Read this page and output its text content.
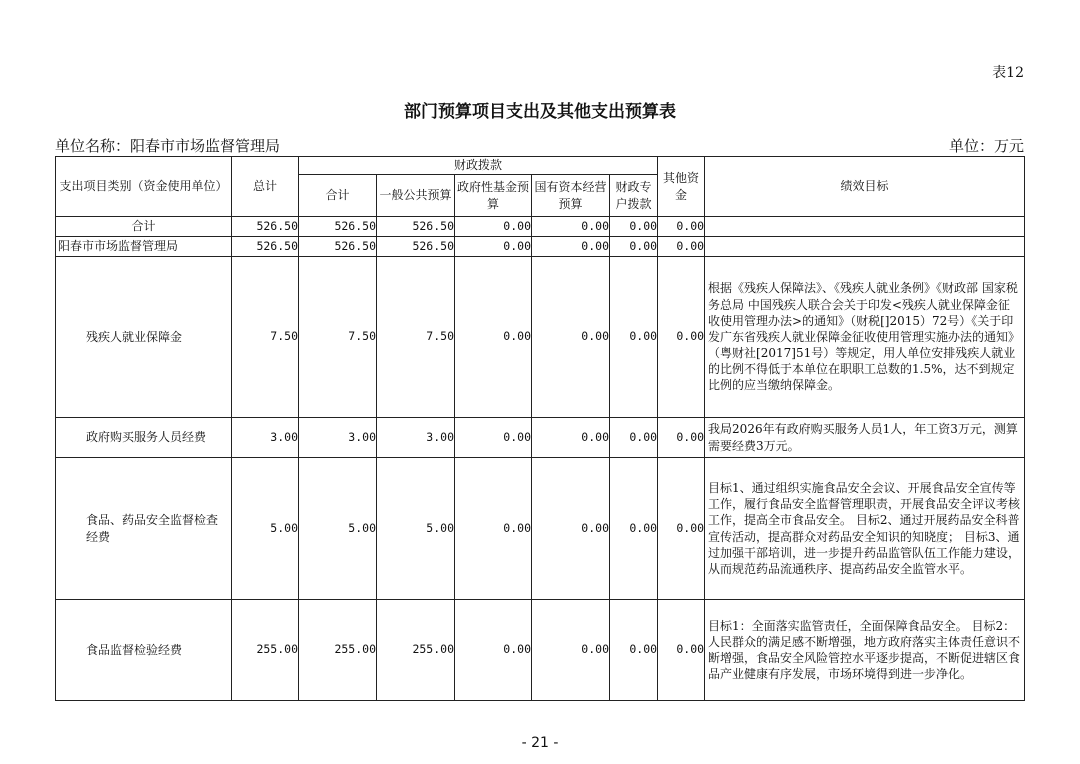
表12
部门预算项目支出及其他支出预算表
单位名称：阳春市市场监督管理局	单位：万元
支出项目类别（资金使用单位）	总计	财政拨款					其他资金	绩效目标
		合计	一般公共预算	政府性基金预算	国有资本经营预算	财政专户拨款		
合计	526.50	526.50	526.50	0.00	0.00	0.00	0.00	
阳春市市场监督管理局	526.50	526.50	526.50	0.00	0.00	0.00	0.00	
残疾人就业保障金	7.50	7.50	7.50	0.00	0.00	0.00	0.00	根据《残疾人保障法》、《残疾人就业条例》《财政部 国家税务总局 中国残疾人联合会关于印发<残疾人就业保障金征收使用管理办法>的通知》（财税[]2015）72号）《关于印发广东省残疾人就业保障金征收使用管理实施办法的通知》（粤财社[2017]51号）等规定，用人单位安排残疾人就业的比例不得低于本单位在职职工总数的1.5%，达不到规定比例的应当缴纳保障金。
政府购买服务人员经费	3.00	3.00	3.00	0.00	0.00	0.00	0.00	我局2026年有政府购买服务人员1人，年工资3万元，测算需要经费3万元。
食品、药品安全监督检查经费	5.00	5.00	5.00	0.00	0.00	0.00	0.00	目标1、通过组织实施食品安全会议、开展食品安全宣传等工作，履行食品安全监督管理职责，开展食品安全评议考核工作，提高全市食品安全。 目标2、通过开展药品安全科普宣传活动，提高群众对药品安全知识的知晓度； 目标3、通过加强干部培训，进一步提升药品监管队伍工作能力建设，从而规范药品流通秩序、提高药品安全监管水平。
食品监督检验经费	255.00	255.00	255.00	0.00	0.00	0.00	0.00	目标1：全面落实监管责任，全面保障食品安全。 目标2：人民群众的满足感不断增强，地方政府落实主体责任意识不断增强，食品安全风险管控水平逐步提高，不断促进辖区食品产业健康有序发展，市场环境得到进一步净化。
- 21 -
